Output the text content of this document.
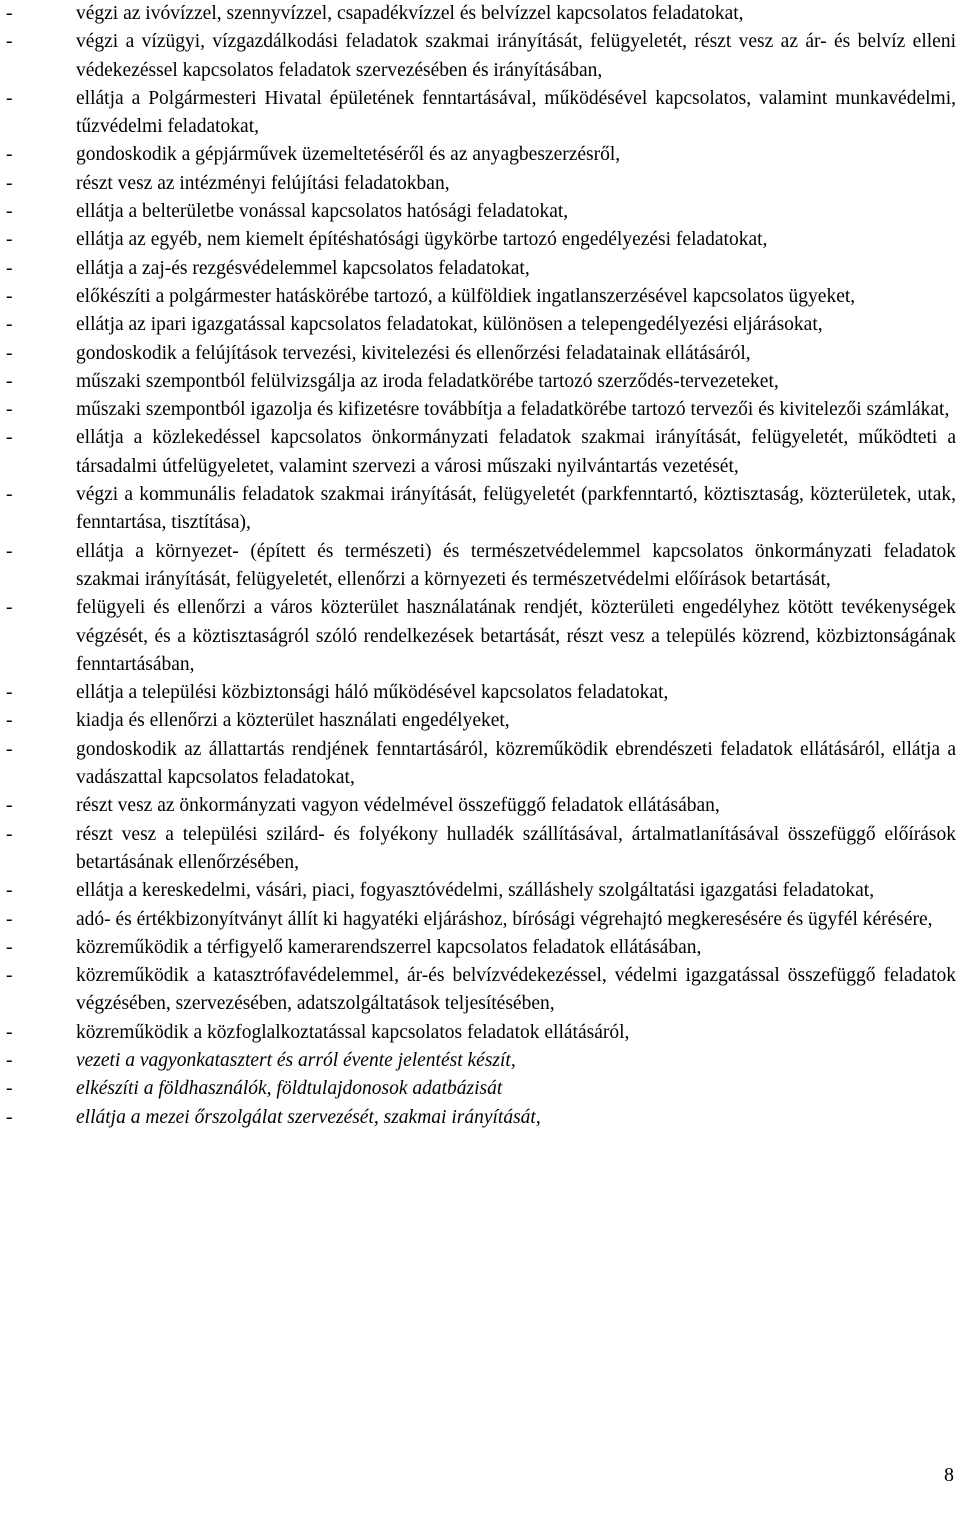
-	végzi az ivóvízzel, szennyvízzel, csapadékvízzel és belvízzel kapcsolatos feladatokat,
-	végzi a vízügyi, vízgazdálkodási feladatok szakmai irányítását, felügyeletét, részt vesz az ár- és belvíz elleni védekezéssel kapcsolatos feladatok szervezésében és irányításában,
-	ellátja a Polgármesteri Hivatal épületének fenntartásával, működésével kapcsolatos, valamint munkavédelmi, tűzvédelmi feladatokat,
-	gondoskodik a gépjárművek üzemeltetéséről és az anyagbeszerzésről,
-	részt vesz az intézményi felújítási feladatokban,
-	ellátja a belterületbe vonással kapcsolatos hatósági feladatokat,
-	ellátja az egyéb, nem kiemelt építéshatósági ügykörbe tartozó engedélyezési feladatokat,
-	ellátja a zaj-és rezgésvédelemmel kapcsolatos feladatokat,
-	előkészíti a polgármester hatáskörébe tartozó, a külföldiek ingatlanszerzésével kapcsolatos ügyeket,
-	ellátja az ipari igazgatással kapcsolatos feladatokat, különösen a telepengedélyezési eljárásokat,
-	gondoskodik a felújítások tervezési, kivitelezési és ellenőrzési feladatainak ellátásáról,
-	műszaki szempontból felülvizsgálja az iroda feladatkörébe tartozó szerződés-tervezeteket,
-	műszaki szempontból igazolja és kifizetésre továbbítja a feladatkörébe tartozó tervezői és kivitelezői számlákat,
-	ellátja a közlekedéssel kapcsolatos önkormányzati feladatok szakmai irányítását, felügyeletét, működteti a társadalmi útfelügyeletet, valamint szervezi a városi műszaki nyilvántartás vezetését,
-	végzi a kommunális feladatok szakmai irányítását, felügyeletét (parkfenntartó, köztisztaság, közterületek, utak, fenntartása, tisztítása),
-	ellátja a környezet- (épített és természeti) és természetvédelemmel kapcsolatos önkormányzati feladatok szakmai irányítását, felügyeletét, ellenőrzi a környezeti és természetvédelmi előírások betartását,
-	felügyeli és ellenőrzi a város közterület használatának rendjét, közterületi engedélyhez kötött tevékenységek végzését, és a köztisztaságról szóló rendelkezések betartását, részt vesz a település közrend, közbiztonságának fenntartásában,
-	ellátja a települési közbiztonsági háló működésével kapcsolatos feladatokat,
-	kiadja és ellenőrzi a közterület használati engedélyeket,
-	gondoskodik az állattartás rendjének fenntartásáról, közreműködik ebrendészeti feladatok ellátásáról, ellátja a vadászattal kapcsolatos feladatokat,
-	részt vesz az önkormányzati vagyon védelmével összefüggő feladatok ellátásában,
-	részt vesz a települési szilárd- és folyékony hulladék szállításával, ártalmatlanításával összefüggő előírások betartásának ellenőrzésében,
-	ellátja a kereskedelmi, vásári, piaci, fogyasztóvédelmi, szálláshely szolgáltatási igazgatási feladatokat,
-	adó- és értékbizonyítványt állít ki hagyatéki eljáráshoz, bírósági végrehajtó megkeresésére és ügyfél kérésére,
-	közreműködik a térfigyelő kamerarendszerrel kapcsolatos feladatok ellátásában,
-	közreműködik a katasztrófavédelemmel, ár-és belvízvédekezéssel, védelmi igazgatással összefüggő feladatok végzésében, szervezésében, adatszolgáltatások teljesítésében,
-	közreműködik a közfoglalkoztatással kapcsolatos feladatok ellátásáról,
-	vezeti a vagyonkatasztert és arról évente jelentést készít,
-	elkészíti a földhasználók, földtulajdonosok adatbázisát
-	ellátja a mezei őrszolgálat szervezését, szakmai irányítását,
8
